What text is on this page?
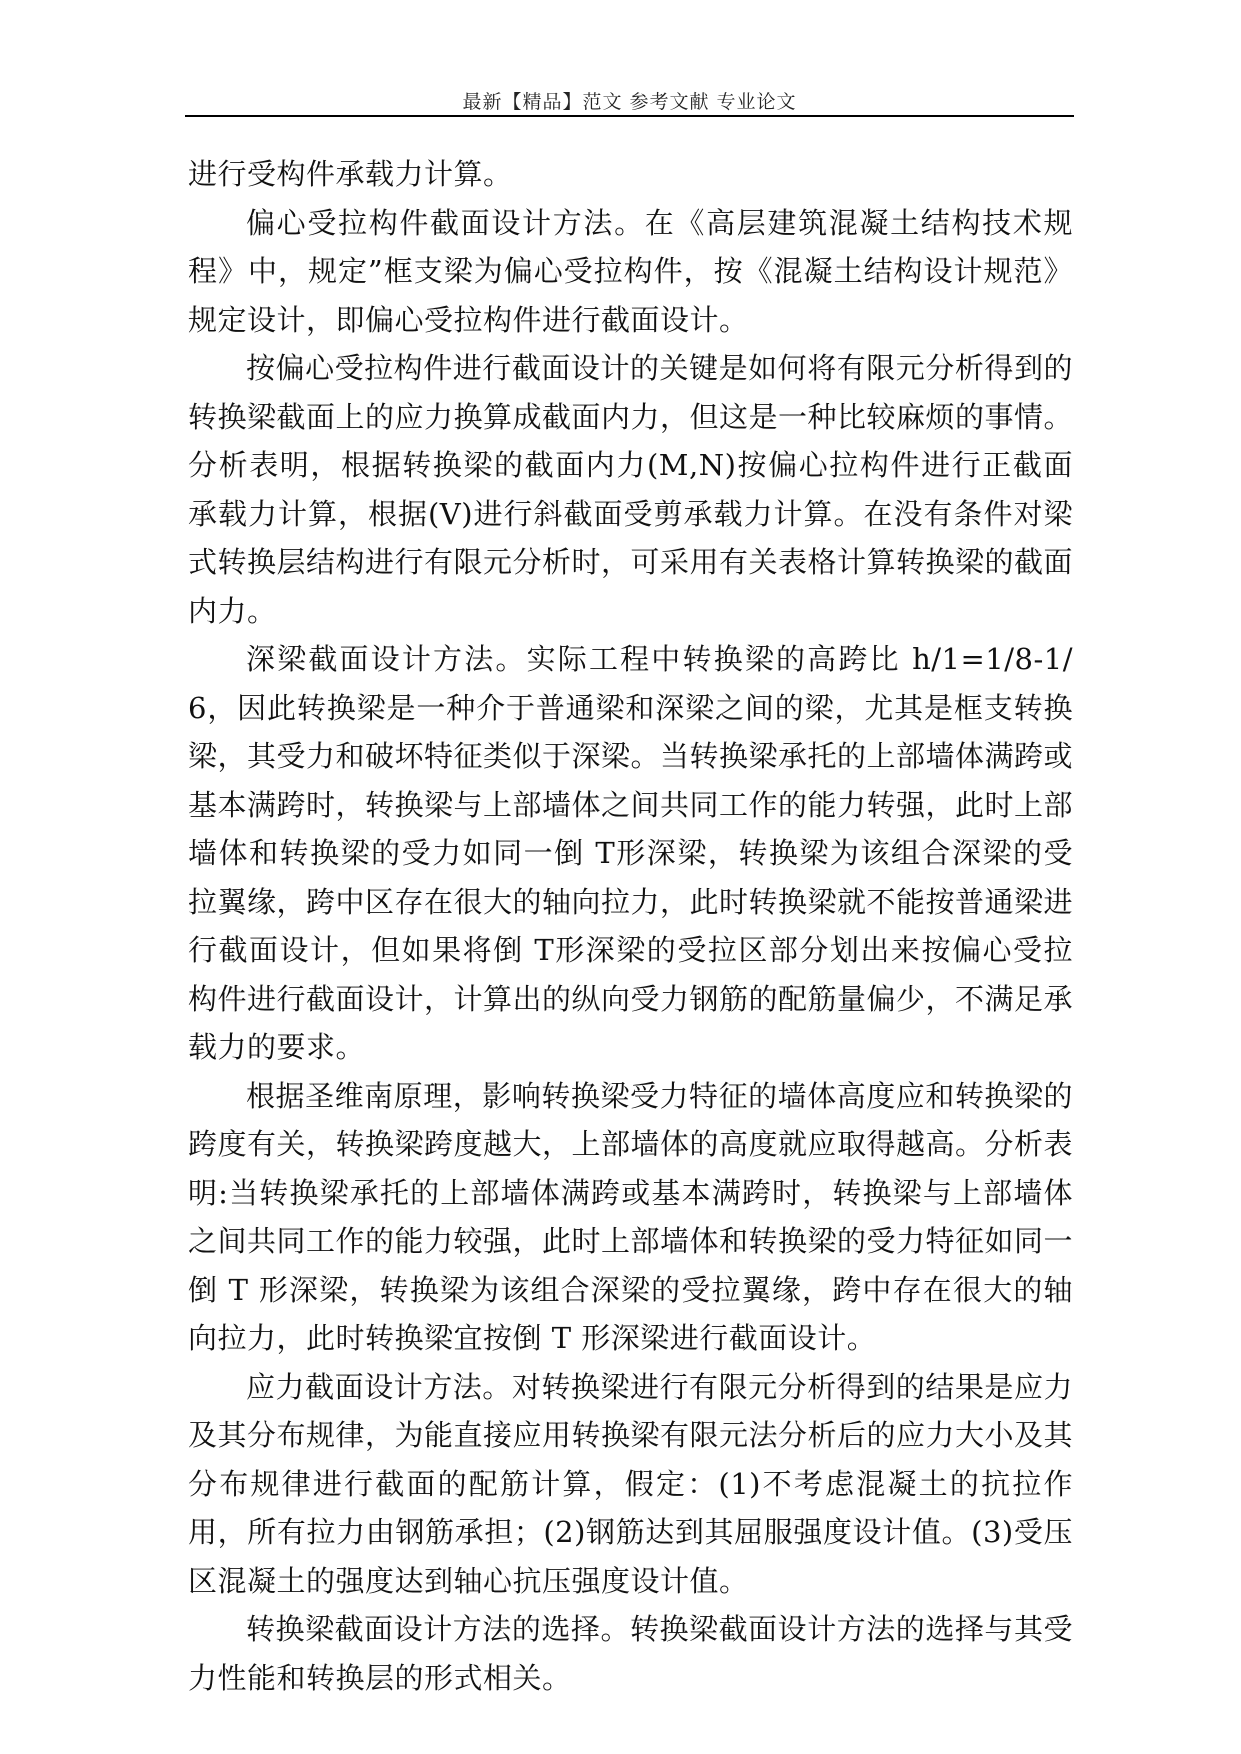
最新【精品】范文 参考文献 专业论文

进行受构件承载力计算。

偏心受拉构件截面设计方法。在《高层建筑混凝土结构技术规程》中，规定”框支梁为偏心受拉构件，按《混凝土结构设计规范》规定设计，即偏心受拉构件进行截面设计。

按偏心受拉构件进行截面设计的关键是如何将有限元分析得到的转换梁截面上的应力换算成截面内力，但这是一种比较麻烦的事情。分析表明，根据转换梁的截面内力(M,N)按偏心拉构件进行正截面承载力计算，根据(V)进行斜截面受剪承载力计算。在没有条件对梁式转换层结构进行有限元分析时，可采用有关表格计算转换梁的截面内力。

深梁截面设计方法。实际工程中转换梁的高跨比 h/1=1/8-1/6，因此转换梁是一种介于普通梁和深梁之间的梁，尤其是框支转换梁，其受力和破坏特征类似于深梁。当转换梁承托的上部墙体满跨或基本满跨时，转换梁与上部墙体之间共同工作的能力转强，此时上部墙体和转换梁的受力如同一倒 T形深梁，转换梁为该组合深梁的受拉翼缘，跨中区存在很大的轴向拉力，此时转换梁就不能按普通梁进行截面设计，但如果将倒 T形深梁的受拉区部分划出来按偏心受拉构件进行截面设计，计算出的纵向受力钢筋的配筋量偏少，不满足承载力的要求。

根据圣维南原理，影响转换梁受力特征的墙体高度应和转换梁的跨度有关，转换梁跨度越大，上部墙体的高度就应取得越高。分析表明:当转换梁承托的上部墙体满跨或基本满跨时，转换梁与上部墙体之间共同工作的能力较强，此时上部墙体和转换梁的受力特征如同一倒 T 形深梁，转换梁为该组合深梁的受拉翼缘，跨中存在很大的轴向拉力，此时转换梁宜按倒 T 形深梁进行截面设计。

应力截面设计方法。对转换梁进行有限元分析得到的结果是应力及其分布规律，为能直接应用转换梁有限元法分析后的应力大小及其分布规律进行截面的配筋计算，假定：(1)不考虑混凝土的抗拉作用，所有拉力由钢筋承担；(2)钢筋达到其屈服强度设计值。(3)受压区混凝土的强度达到轴心抗压强度设计值。

转换梁截面设计方法的选择。转换梁截面设计方法的选择与其受力性能和转换层的形式相关。
